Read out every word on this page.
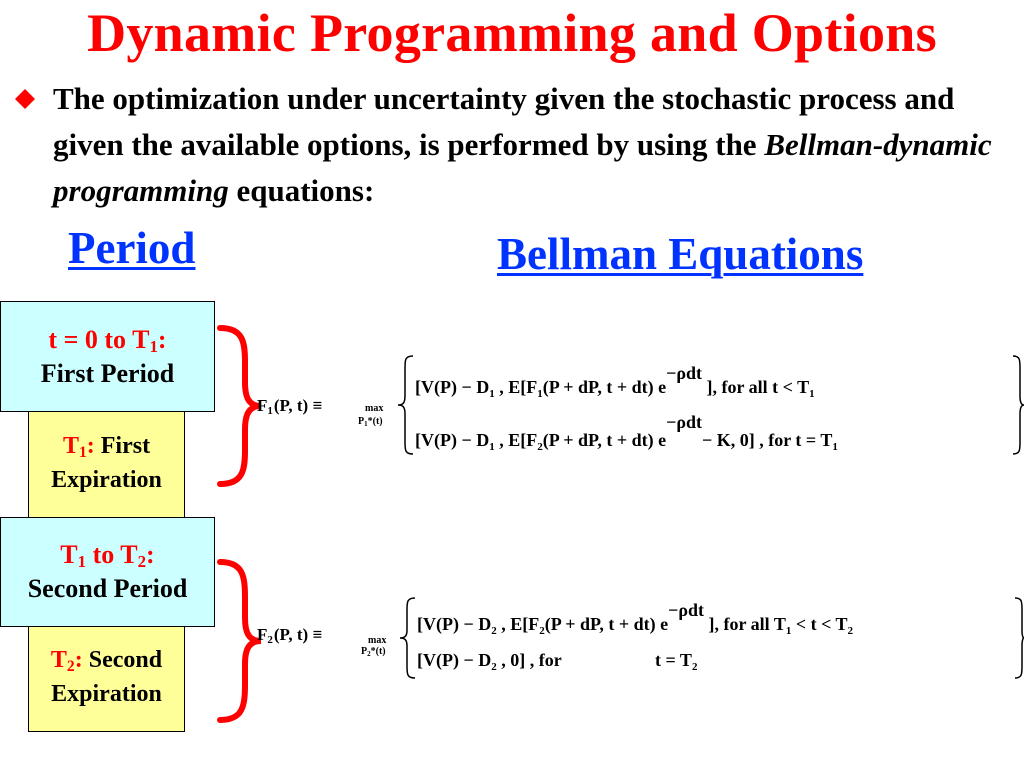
Dynamic Programming and Options
The optimization under uncertainty given the stochastic process and given the available options, is performed by using the Bellman-dynamic programming equations:
Period	Bellman Equations
$T_1$: First
Expiration
t = 0 to $T_1$:
First Period
$T_2$: Second
Expiration
$T_1$ to $T_2$:
Second Period
F1(P, t) ≡	max
$P_1*(t)$
[$V(P) - D_1$ , $E[F_1(P$ + dP, t + dt) e−ρdt ], for all $t < T_1$
[$V(P) - D_1$ , $E[F_2(P$ + dP, t + dt) e−ρdt− K, 0] , for $t = T_1$
F2(P, t) ≡	max
$P_2*(t)$
[$V(P) - D_2$ , $E[F_2(P$ + dP, t + dt) e−ρdt ], for all $T_1 < t < T_2$
[$V(P) - D_2$ , 0] , for	$t = T_2$
